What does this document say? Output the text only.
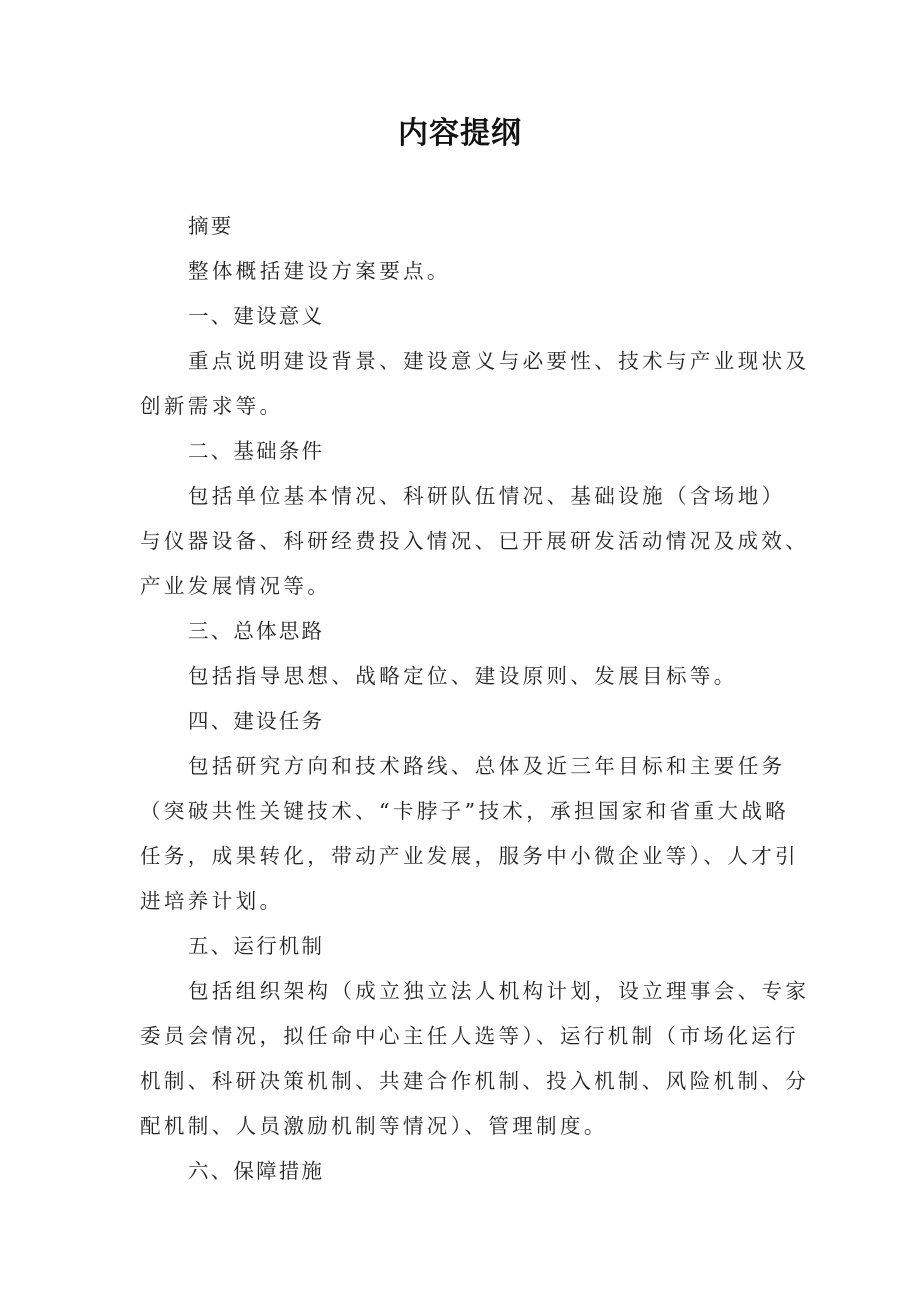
内容提纲
摘要
整体概括建设方案要点。
一、建设意义
重点说明建设背景、建设意义与必要性、技术与产业现状及
创新需求等。
二、基础条件
包括单位基本情况、科研队伍情况、基础设施（含场地）
与仪器设备、科研经费投入情况、已开展研发活动情况及成效、
产业发展情况等。
三、总体思路
包括指导思想、战略定位、建设原则、发展目标等。
四、建设任务
包括研究方向和技术路线、总体及近三年目标和主要任务
（突破共性关键技术、“卡脖子”技术，承担国家和省重大战略
任务，成果转化，带动产业发展，服务中小微企业等）、人才引
进培养计划。
五、运行机制
包括组织架构（成立独立法人机构计划，设立理事会、专家
委员会情况，拟任命中心主任人选等）、运行机制（市场化运行
机制、科研决策机制、共建合作机制、投入机制、风险机制、分
配机制、人员激励机制等情况）、管理制度。
六、保障措施
